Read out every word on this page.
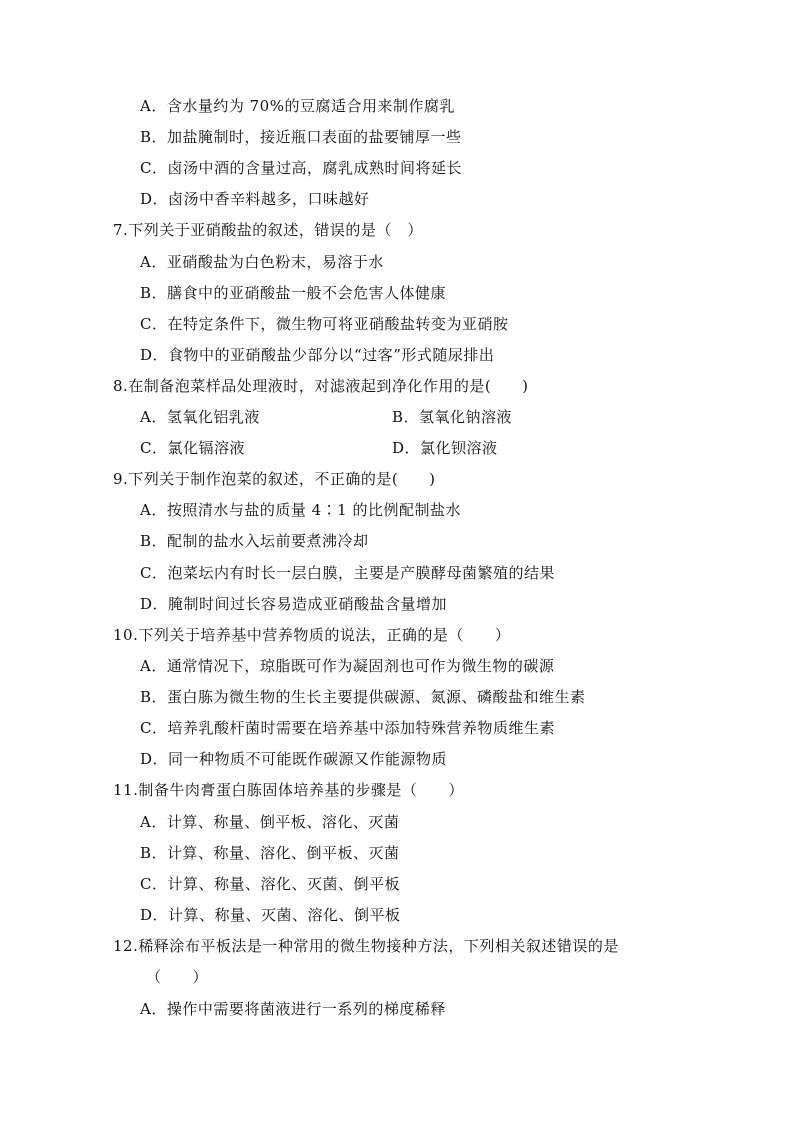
A．含水量约为 70%的豆腐适合用来制作腐乳
B．加盐腌制时，接近瓶口表面的盐要铺厚一些
C．卤汤中酒的含量过高，腐乳成熟时间将延长
D．卤汤中香辛料越多，口味越好
7.下列关于亚硝酸盐的叙述，错误的是（　）
A．亚硝酸盐为白色粉末，易溶于水
B．膳食中的亚硝酸盐一般不会危害人体健康
C．在特定条件下，微生物可将亚硝酸盐转变为亚硝胺
D．食物中的亚硝酸盐少部分以“过客”形式随尿排出
8.在制备泡菜样品处理液时，对滤液起到净化作用的是(　　)
A．氢氧化铝乳液	B．氢氧化钠溶液
C．氯化镉溶液	D．氯化钡溶液
9.下列关于制作泡菜的叙述，不正确的是(　　)
A．按照清水与盐的质量 4∶1 的比例配制盐水
B．配制的盐水入坛前要煮沸冷却
C．泡菜坛内有时长一层白膜，主要是产膜酵母菌繁殖的结果
D．腌制时间过长容易造成亚硝酸盐含量增加
10.下列关于培养基中营养物质的说法，正确的是（　　）
A．通常情况下，琼脂既可作为凝固剂也可作为微生物的碳源
B．蛋白胨为微生物的生长主要提供碳源、氮源、磷酸盐和维生素
C．培养乳酸杆菌时需要在培养基中添加特殊营养物质维生素
D．同一种物质不可能既作碳源又作能源物质
11.制备牛肉膏蛋白胨固体培养基的步骤是（　　）
A．计算、称量、倒平板、溶化、灭菌
B．计算、称量、溶化、倒平板、灭菌
C．计算、称量、溶化、灭菌、倒平板
D．计算、称量、灭菌、溶化、倒平板
12.稀释涂布平板法是一种常用的微生物接种方法，下列相关叙述错误的是
（　　）
A．操作中需要将菌液进行一系列的梯度稀释
